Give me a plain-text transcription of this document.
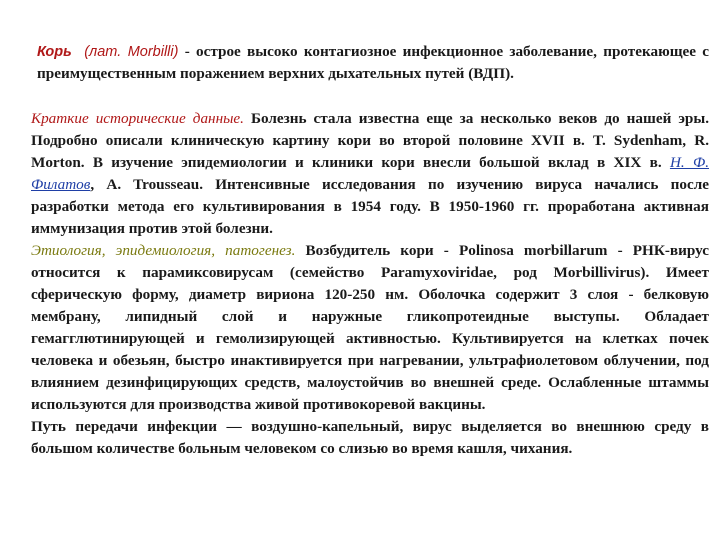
Корь (лат. Morbilli) - острое высоко контагиозное инфекционное заболевание, протекающее с преимущественным поражением верхних дыхательных путей (ВДП).
Краткие исторические данные. Болезнь стала известна еще за несколько веков до нашей эры. Подробно описали клиническую картину кори во второй половине XVII в. T. Sydenham, R. Morton. В изучение эпидемиологии и клиники кори внесли большой вклад в XIX в. Н. Ф. Филатов, A. Trousseau. Интенсивные исследования по изучению вируса начались после разработки метода его культивирования в 1954 году. В 1950-1960 гг. проработана активная иммунизация против этой болезни.
Этиология, эпидемиология, патогенез. Возбудитель кори - Polinosa morbillarum - РНК-вирус относится к парамиксовирусам (семейство Paramyxoviridae, род Morbillivirus). Имеет сферическую форму, диаметр вириона 120-250 нм. Оболочка содержит 3 слоя - белковую мембрану, липидный слой и наружные гликопротеидные выступы. Обладает гемагглютинирующей и гемолизирующей активностью. Культивируется на клетках почек человека и обезьян, быстро инактивируется при нагревании, ультрафиолетовом облучении, под влиянием дезинфицирующих средств, малоустойчив во внешней среде. Ослабленные штаммы используются для производства живой противокоревой вакцины.
Путь передачи инфекции — воздушно-капельный, вирус выделяется во внешнюю среду в большом количестве больным человеком со слизью во время кашля, чихания.
